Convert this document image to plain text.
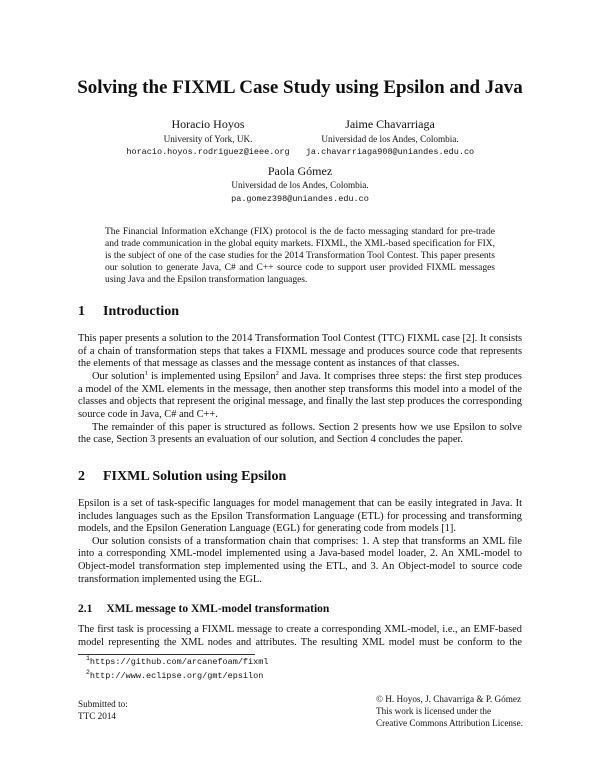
Solving the FIXML Case Study using Epsilon and Java
Horacio Hoyos
University of York, UK.
horacio.hoyos.rodriguez@ieee.org
Jaime Chavarriaga
Universidad de los Andes, Colombia.
ja.chavarriaga908@uniandes.edu.co
Paola Gómez
Universidad de los Andes, Colombia.
pa.gomez398@uniandes.edu.co
The Financial Information eXchange (FIX) protocol is the de facto messaging standard for pre-trade
and trade communication in the global equity markets. FIXML, the XML-based specification for FIX,
is the subject of one of the case studies for the 2014 Transformation Tool Contest. This paper presents
our solution to generate Java, C# and C++ source code to support user provided FIXML messages
using Java and the Epsilon transformation languages.
1 Introduction
This paper presents a solution to the 2014 Transformation Tool Contest (TTC) FIXML case [2]. It consists
of a chain of transformation steps that takes a FIXML message and produces source code that represents
the elements of that message as classes and the message content as instances of that classes.
Our solution$^1$ is implemented using Epsilon$^2$ and Java. It comprises three steps: the first step produces
a model of the XML elements in the message, then another step transforms this model into a model of the
classes and objects that represent the original message, and finally the last step produces the corresponding
source code in Java, C# and C++.
The remainder of this paper is structured as follows. Section 2 presents how we use Epsilon to solve
the case, Section 3 presents an evaluation of our solution, and Section 4 concludes the paper.
2 FIXML Solution using Epsilon
Epsilon is a set of task-specific languages for model management that can be easily integrated in Java. It
includes languages such as the Epsilon Transformation Language (ETL) for processing and transforming
models, and the Epsilon Generation Language (EGL) for generating code from models [1].
Our solution consists of a transformation chain that comprises: 1. A step that transforms an XML file
into a corresponding XML-model implemented using a Java-based model loader, 2. An XML-model to
Object-model transformation step implemented using the ETL, and 3. An Object-model to source code
transformation implemented using the EGL.
2.1 XML message to XML-model transformation
The first task is processing a FIXML message to create a corresponding XML-model, i.e., an EMF-based
model representing the XML nodes and attributes. The resulting XML model must be conform to the
$^1$https://github.com/arcanefoam/fixml
$^2$http://www.eclipse.org/gmt/epsilon
Submitted to:
TTC 2014
© H. Hoyos, J. Chavarriga & P. Gómez
This work is licensed under the
Creative Commons Attribution License.
